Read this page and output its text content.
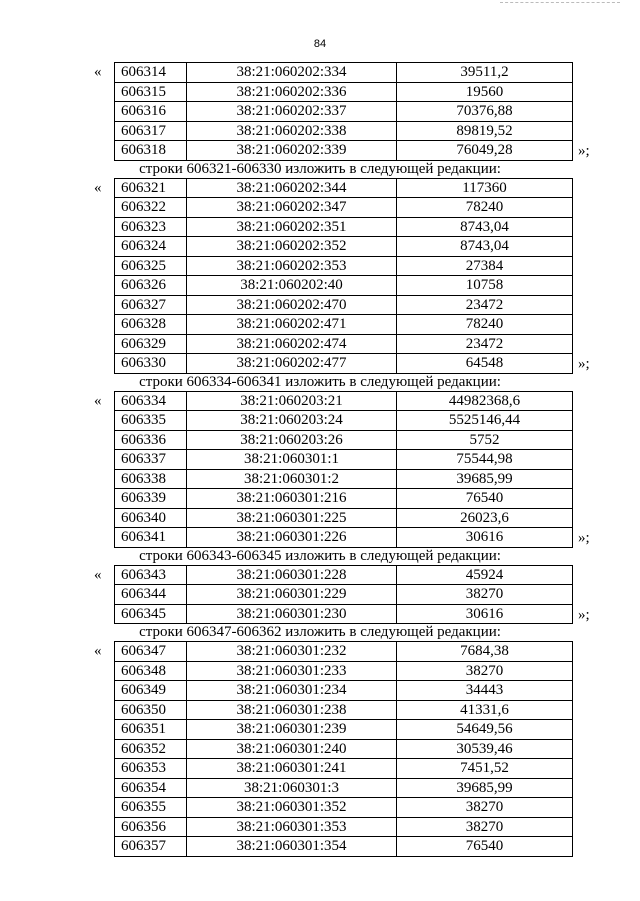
84
« 606314	38:21:060202:334	39511,2
606315	38:21:060202:336	19560
606316	38:21:060202:337	70376,88
606317	38:21:060202:338	89819,52
606318	38:21:060202:339	76049,28	»;
строки 606321-606330 изложить в следующей редакции:
« 606321	38:21:060202:344	117360
606322	38:21:060202:347	78240
606323	38:21:060202:351	8743,04
606324	38:21:060202:352	8743,04
606325	38:21:060202:353	27384
606326	38:21:060202:40	10758
606327	38:21:060202:470	23472
606328	38:21:060202:471	78240
606329	38:21:060202:474	23472
606330	38:21:060202:477	64548	»;
строки 606334-606341 изложить в следующей редакции:
« 606334	38:21:060203:21	44982368,6
606335	38:21:060203:24	5525146,44
606336	38:21:060203:26	5752
606337	38:21:060301:1	75544,98
606338	38:21:060301:2	39685,99
606339	38:21:060301:216	76540
606340	38:21:060301:225	26023,6
606341	38:21:060301:226	30616	»;
строки 606343-606345 изложить в следующей редакции:
« 606343	38:21:060301:228	45924
606344	38:21:060301:229	38270
606345	38:21:060301:230	30616	»;
строки 606347-606362 изложить в следующей редакции:
« 606347	38:21:060301:232	7684,38
606348	38:21:060301:233	38270
606349	38:21:060301:234	34443
606350	38:21:060301:238	41331,6
606351	38:21:060301:239	54649,56
606352	38:21:060301:240	30539,46
606353	38:21:060301:241	7451,52
606354	38:21:060301:3	39685,99
606355	38:21:060301:352	38270
606356	38:21:060301:353	38270
606357	38:21:060301:354	76540
